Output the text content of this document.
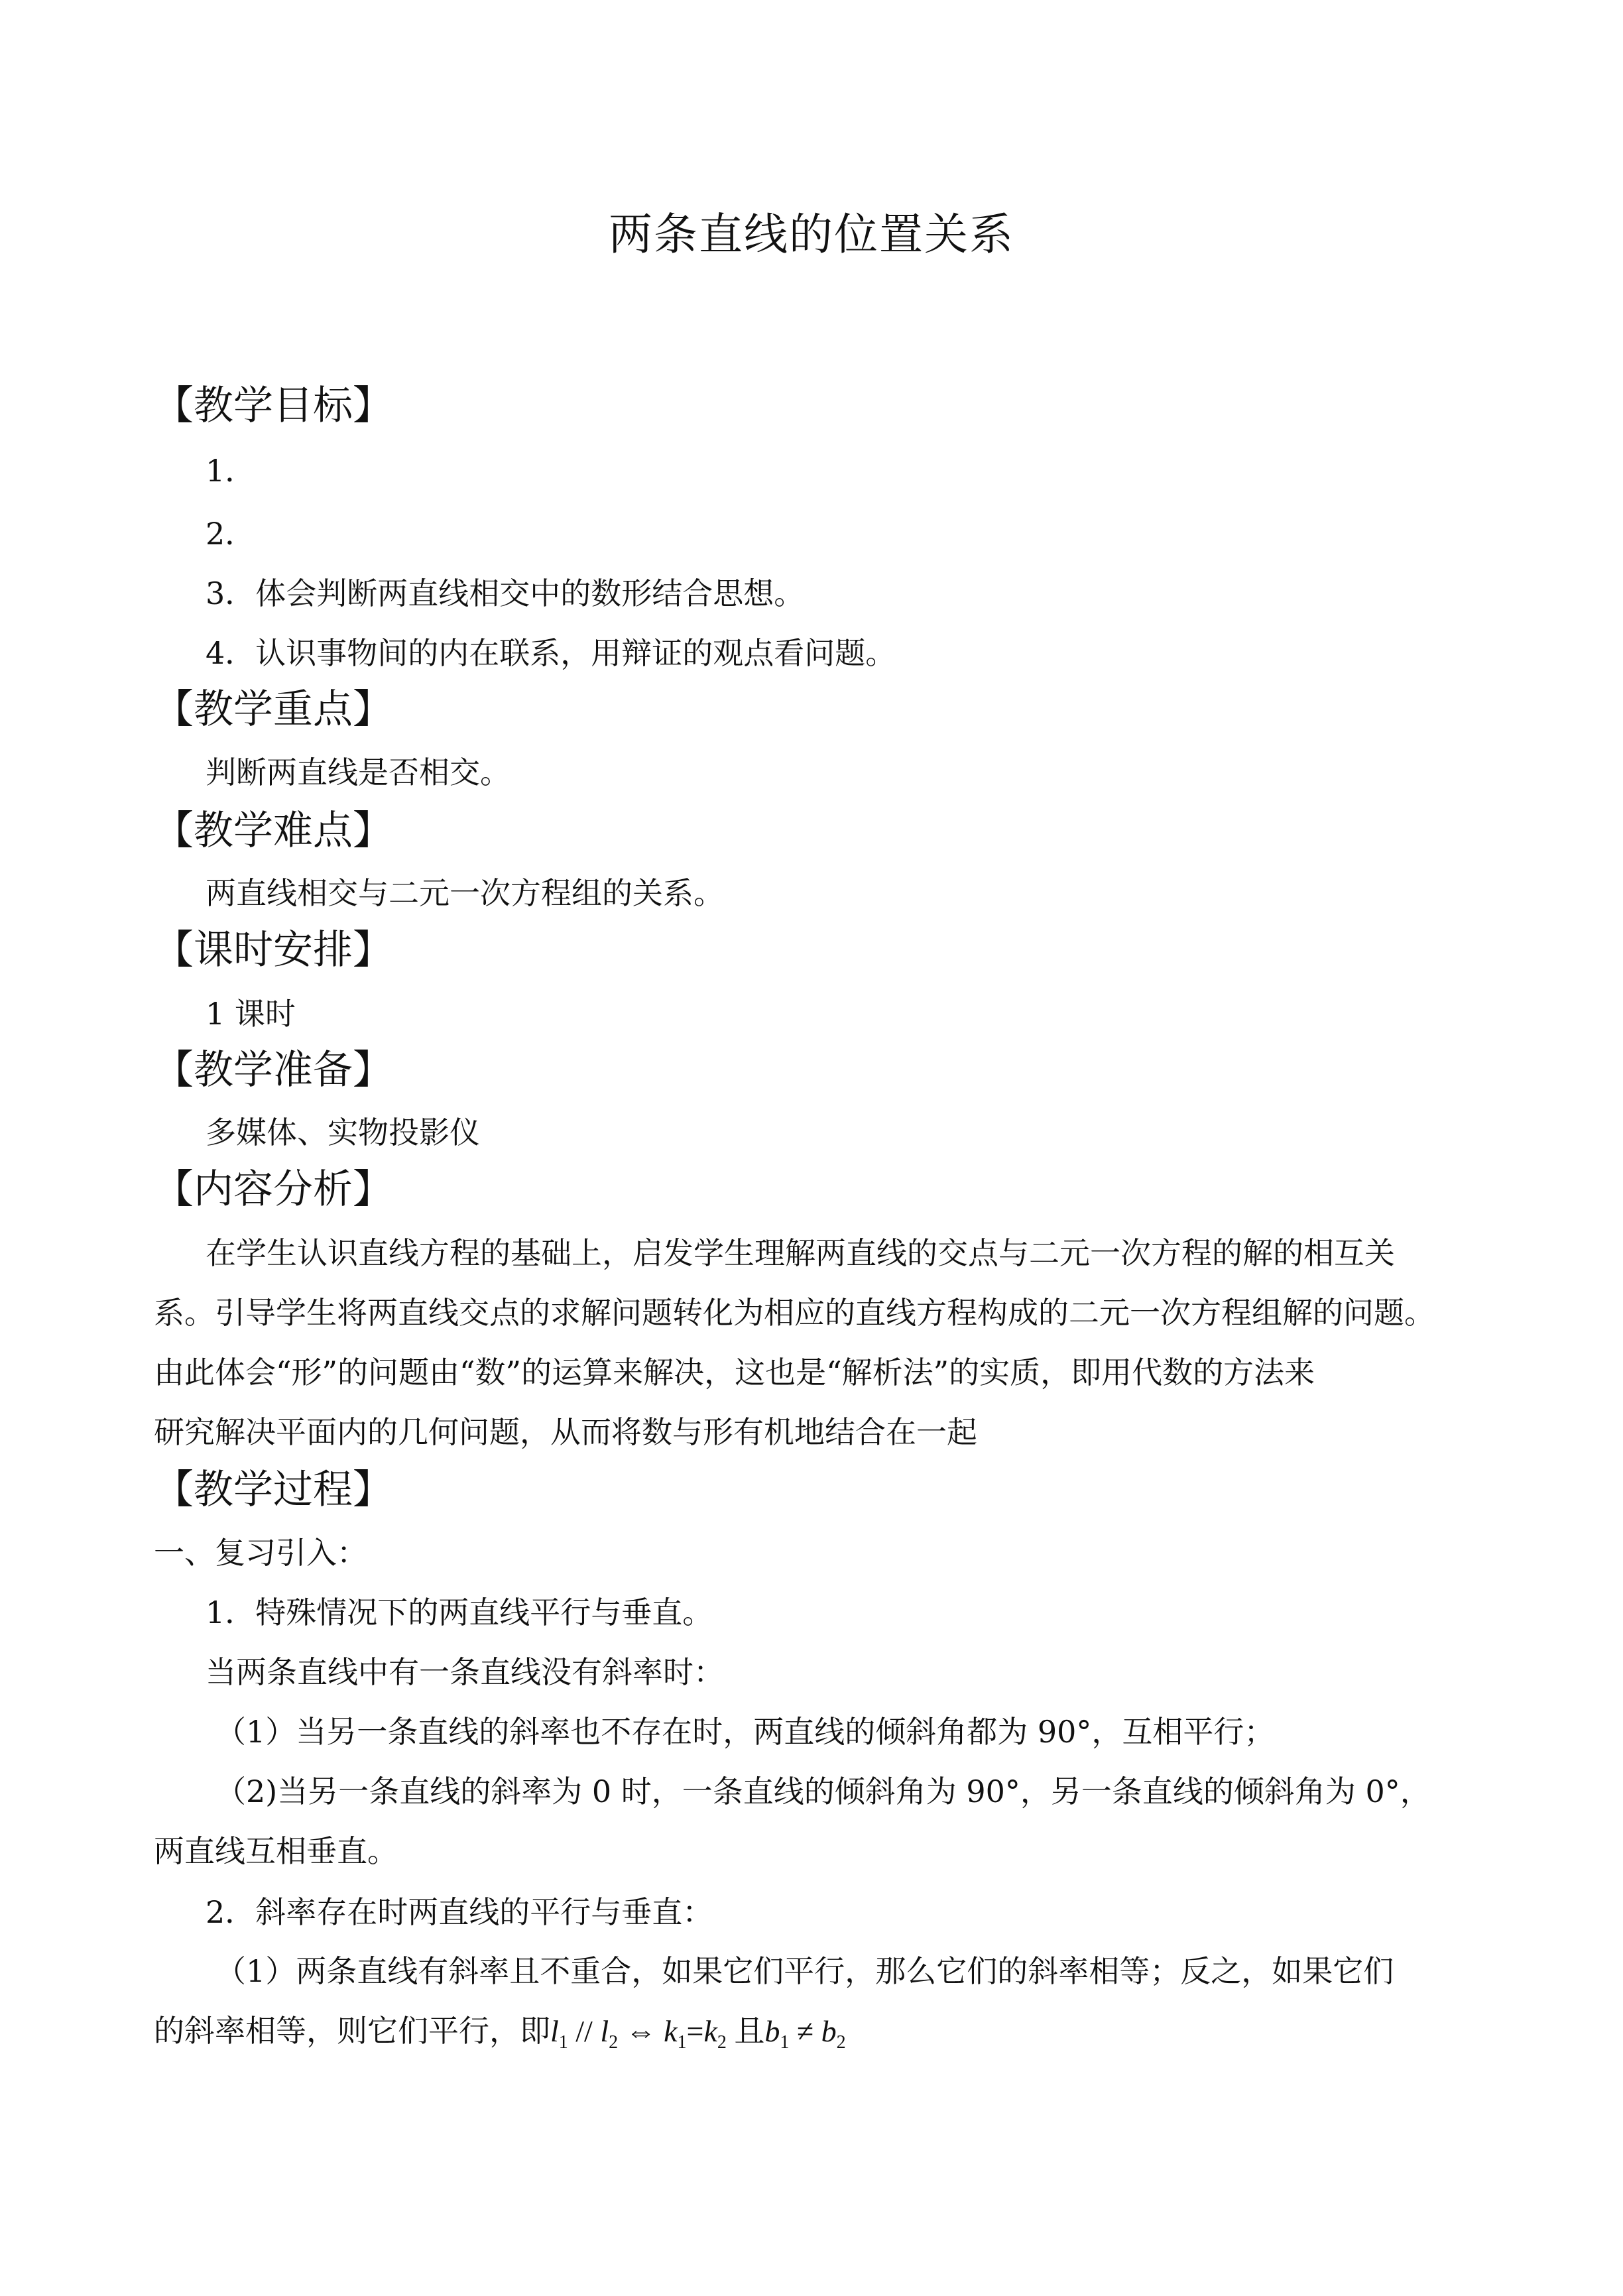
两条直线的位置关系
【教学目标】
1．
2．
3．体会判断两直线相交中的数形结合思想。
4．认识事物间的内在联系，用辩证的观点看问题。
【教学重点】
判断两直线是否相交。
【教学难点】
两直线相交与二元一次方程组的关系。
【课时安排】
1 课时
【教学准备】
多媒体、实物投影仪
【内容分析】
在学生认识直线方程的基础上，启发学生理解两直线的交点与二元一次方程的解的相互关
系。引导学生将两直线交点的求解问题转化为相应的直线方程构成的二元一次方程组解的问题。
由此体会“形”的问题由“数”的运算来解决，这也是“解析法”的实质，即用代数的方法来
研究解决平面内的几何问题，从而将数与形有机地结合在一起
【教学过程】
一、复习引入：
1．特殊情况下的两直线平行与垂直。
当两条直线中有一条直线没有斜率时：
（1）当另一条直线的斜率也不存在时，两直线的倾斜角都为 90°，互相平行；
（2)当另一条直线的斜率为 0 时，一条直线的倾斜角为 90°，另一条直线的倾斜角为 0°，
两直线互相垂直。
2．斜率存在时两直线的平行与垂直：
（1）两条直线有斜率且不重合，如果它们平行，那么它们的斜率相等；反之，如果它们
的斜率相等，则它们平行，即$l_1 // l_2$ ⇔ $k_1=k_2$ 且$b_1 \ne b_2$
